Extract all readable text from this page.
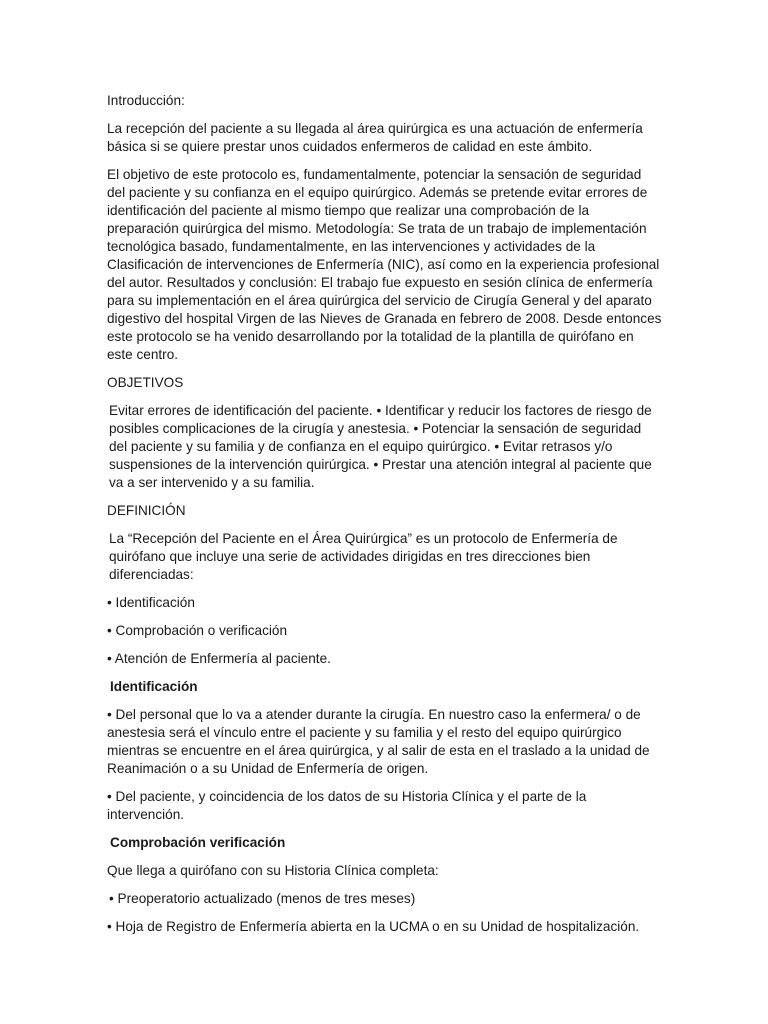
Introducción:

La recepción del paciente a su llegada al área quirúrgica es una actuación de enfermería básica si se quiere prestar unos cuidados enfermeros de calidad en este ámbito.

El objetivo de este protocolo es, fundamentalmente, potenciar la sensación de seguridad del paciente y su confianza en el equipo quirúrgico. Además se pretende evitar errores de identificación del paciente al mismo tiempo que realizar una comprobación de la preparación quirúrgica del mismo. Metodología: Se trata de un trabajo de implementación tecnológica basado, fundamentalmente, en las intervenciones y actividades de la Clasificación de intervenciones de Enfermería (NIC), así como en la experiencia profesional del autor. Resultados y conclusión: El trabajo fue expuesto en sesión clínica de enfermería para su implementación en el área quirúrgica del servicio de Cirugía General y del aparato digestivo del hospital Virgen de las Nieves de Granada en febrero de 2008. Desde entonces este protocolo se ha venido desarrollando por la totalidad de la plantilla de quirófano en este centro.

OBJETIVOS

Evitar errores de identificación del paciente. • Identificar y reducir los factores de riesgo de posibles complicaciones de la cirugía y anestesia. • Potenciar la sensación de seguridad del paciente y su familia y de confianza en el equipo quirúrgico. • Evitar retrasos y/o suspensiones de la intervención quirúrgica. • Prestar una atención integral al paciente que va a ser intervenido y a su familia.

DEFINICIÓN

La “Recepción del Paciente en el Área Quirúrgica” es un protocolo de Enfermería de quirófano que incluye una serie de actividades dirigidas en tres direcciones bien diferenciadas:

• Identificación

• Comprobación o verificación

• Atención de Enfermería al paciente.

Identificación

• Del personal que lo va a atender durante la cirugía. En nuestro caso la enfermera/ o de anestesia será el vínculo entre el paciente y su familia y el resto del equipo quirúrgico mientras se encuentre en el área quirúrgica, y al salir de esta en el traslado a la unidad de Reanimación o a su Unidad de Enfermería de origen.

• Del paciente, y coincidencia de los datos de su Historia Clínica y el parte de la intervención.

Comprobación verificación

Que llega a quirófano con su Historia Clínica completa:

• Preoperatorio actualizado (menos de tres meses)

• Hoja de Registro de Enfermería abierta en la UCMA o en su Unidad de hospitalización.
